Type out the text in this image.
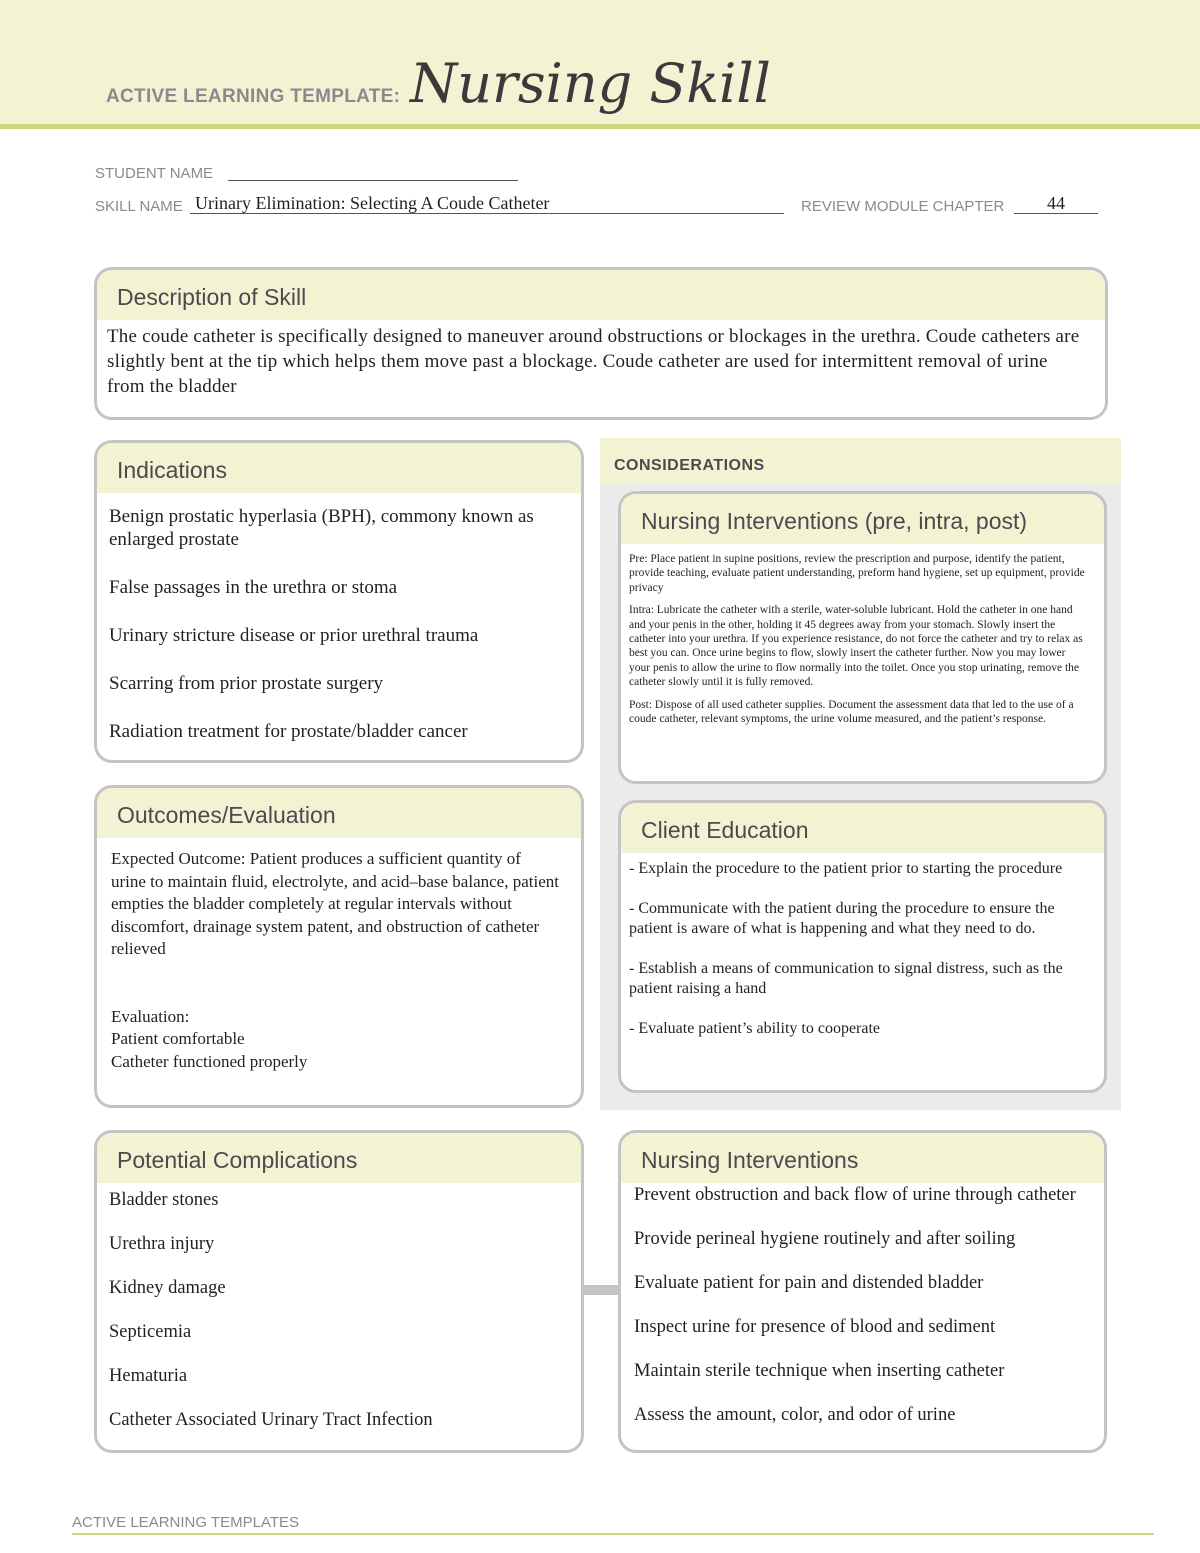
ACTIVE LEARNING TEMPLATE: Nursing Skill
STUDENT NAME
SKILL NAME Urinary Elimination: Selecting A Coude Catheter	REVIEW MODULE CHAPTER 44
Description of Skill
The coude catheter is specifically designed to maneuver around obstructions or blockages in the urethra. Coude catheters are slightly bent at the tip which helps them move past a blockage. Coude catheter are used for intermittent removal of urine from the bladder
Indications

Benign prostatic hyperlasia (BPH), commony known as enlarged prostate

False passages in the urethra or stoma

Urinary stricture disease or prior urethral trauma

Scarring from prior prostate surgery

Radiation treatment for prostate/bladder cancer

Outcomes/Evaluation

Expected Outcome: Patient produces a sufficient quantity of urine to maintain fluid, electrolyte, and acid–base balance, patient empties the bladder completely at regular intervals without discomfort, drainage system patent, and obstruction of catheter relieved

Evaluation:

Patient comfortable

Catheter functioned properly

CONSIDERATIONS
Nursing Interventions (pre, intra, post)

Pre: Place patient in supine positions, review the prescription and purpose, identify the patient, provide teaching, evaluate patient understanding, preform hand hygiene, set up equipment, provide privacy

Intra: Lubricate the catheter with a sterile, water-soluble lubricant. Hold the catheter in one hand and your penis in the other, holding it 45 degrees away from your stomach. Slowly insert the catheter into your urethra. If you experience resistance, do not force the catheter and try to relax as best you can. Once urine begins to flow, slowly insert the catheter further. Now you may lower your penis to allow the urine to flow normally into the toilet. Once you stop urinating, remove the catheter slowly until it is fully removed.

Post: Dispose of all used catheter supplies. Document the assessment data that led to the use of a coude catheter, relevant symptoms, the urine volume measured, and the patient’s response.

Client Education

- Explain the procedure to the patient prior to starting the procedure

- Communicate with the patient during the procedure to ensure the patient is aware of what is happening and what they need to do.

- Establish a means of communication to signal distress, such as the patient raising a hand

- Evaluate patient’s ability to cooperate

Potential Complications

Bladder stones

Urethra injury

Kidney damage

Septicemia

Hematuria

Catheter Associated Urinary Tract Infection

Nursing Interventions

Prevent obstruction and back flow of urine through catheter

Provide perineal hygiene routinely and after soiling

Evaluate patient for pain and distended bladder

Inspect urine for presence of blood and sediment

Maintain sterile technique when inserting catheter

Assess the amount, color, and odor of urine

ACTIVE LEARNING TEMPLATES
